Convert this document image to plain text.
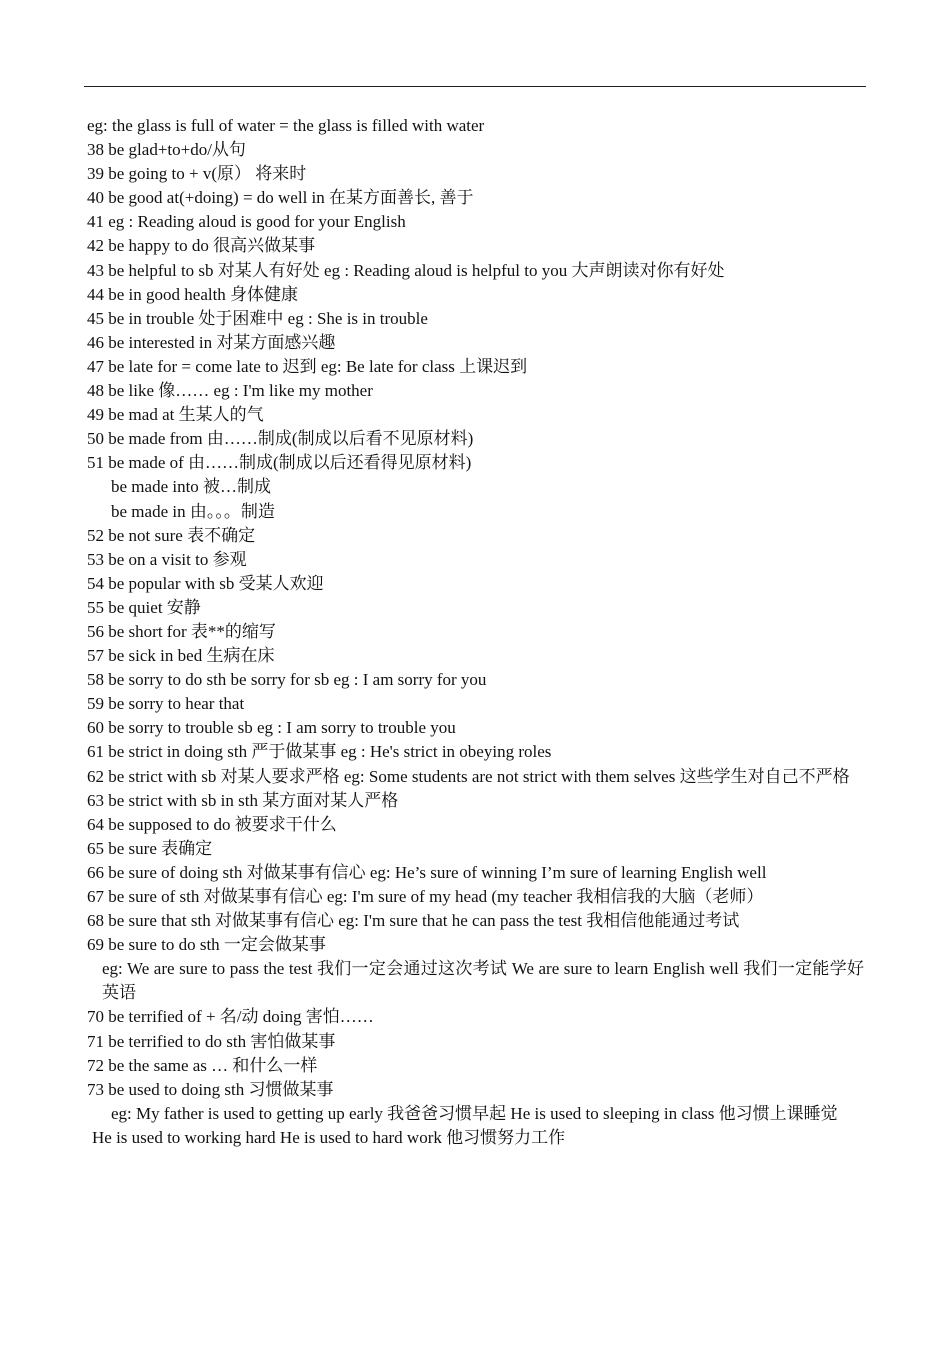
eg: the glass is full of water = the glass is filled with water
38 be glad+to+do/从句
39 be going to + v(原） 将来时
40 be good at(+doing) = do well in 在某方面善长, 善于
41 eg : Reading aloud is good for your English
42 be happy to do 很高兴做某事
43 be helpful to sb 对某人有好处 eg : Reading aloud is helpful to you 大声朗读对你有好处
44 be in good health 身体健康
45 be in trouble 处于困难中 eg : She is in trouble
46 be interested in 对某方面感兴趣
47 be late for = come late to 迟到 eg: Be late for class 上课迟到
48 be like 像…… eg : I'm like my mother
49 be mad at 生某人的气
50 be made from 由……制成(制成以后看不见原材料)
51 be made of 由……制成(制成以后还看得见原材料)
be made into 被…制成
be made in 由。。。制造
52 be not sure 表不确定
53 be on a visit to 参观
54 be popular with sb 受某人欢迎
55 be quiet 安静
56 be short for 表**的缩写
57 be sick in bed 生病在床
58 be sorry to do sth be sorry for sb eg : I am sorry for you
59 be sorry to hear that
60 be sorry to trouble sb eg : I am sorry to trouble you
61 be strict in doing sth 严于做某事 eg : He's strict in obeying roles
62 be strict with sb 对某人要求严格 eg: Some students are not strict with them selves 这些学生对自己不严格
63 be strict with sb in sth 某方面对某人严格
64 be supposed to do 被要求干什么
65 be sure 表确定
66 be sure of doing sth 对做某事有信心 eg: He’s sure of winning I’m sure of learning English well
67 be sure of sth 对做某事有信心 eg: I'm sure of my head (my teacher 我相信我的大脑（老师）
68 be sure that sth 对做某事有信心 eg: I'm sure that he can pass the test 我相信他能通过考试
69 be sure to do sth 一定会做某事
eg: We are sure to pass the test 我们一定会通过这次考试 We are sure to learn English well 我们一定能学好英语
70 be terrified of + 名/动 doing 害怕……
71 be terrified to do sth 害怕做某事
72 be the same as … 和什么一样
73 be used to doing sth 习惯做某事
eg: My father is used to getting up early 我爸爸习惯早起 He is used to sleeping in class 他习惯上课睡觉
He is used to working hard He is used to hard work 他习惯努力工作
